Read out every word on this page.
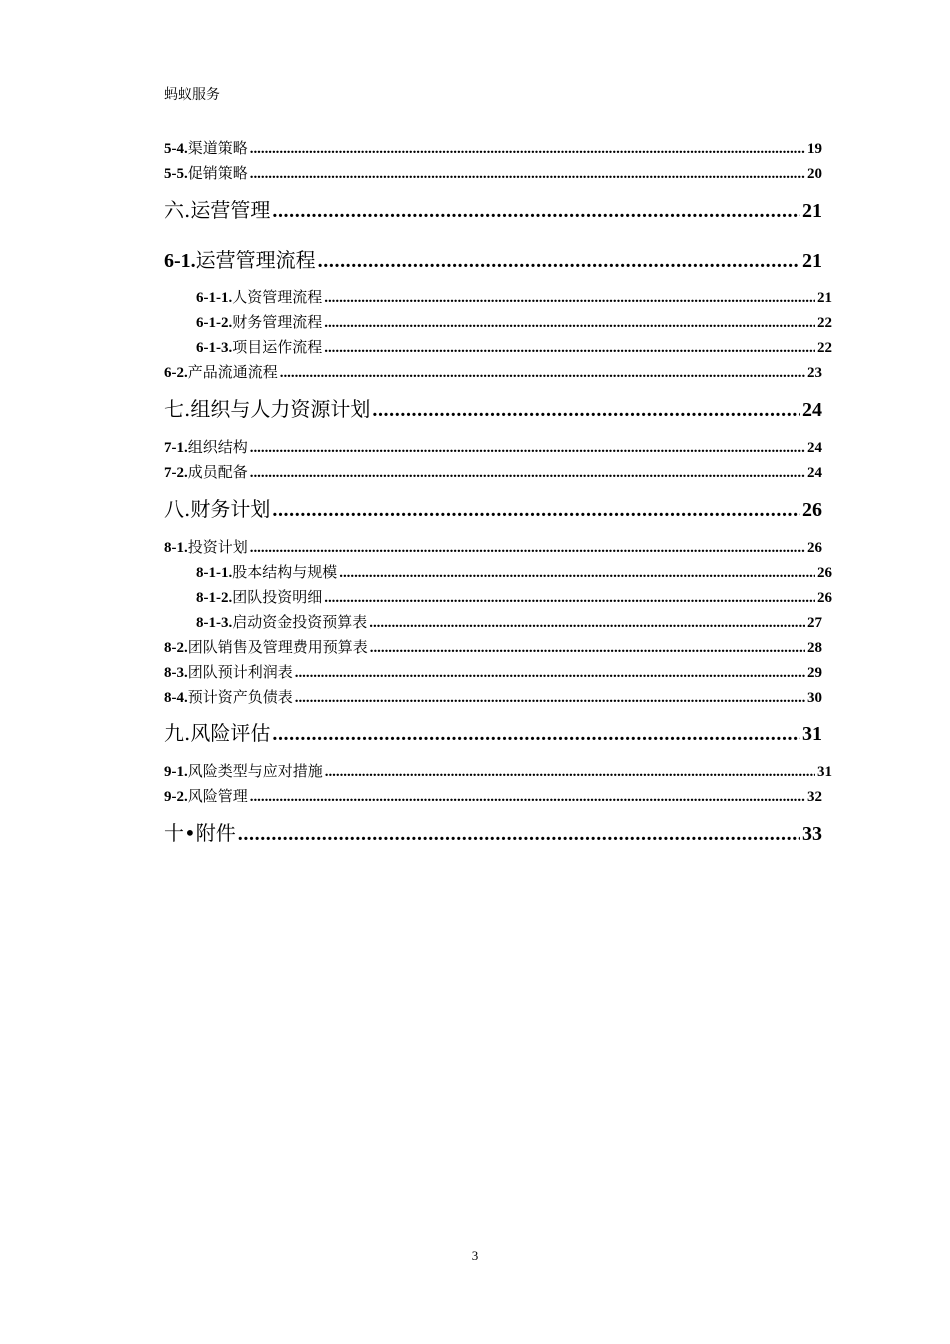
蚂蚁服务
5-4. 渠道策略 . . .	19
5-5. 促销策略 . . .	20
六.运营管理 . . .	21
6-1. 运营管理流程 . . .	21
6-1-1. 人资管理流程 . . .	21
6-1-2. 财务管理流程 . . .	22
6-1-3. 项目运作流程 . . .	22
6-2. 产品流通流程 . . .	23
七.组织与人力资源计划 . . .	24
7-1. 组织结构 . . .	24
7-2. 成员配备 . . .	24
八.财务计划 . . .	26
8-1. 投资计划 . . .	26
8-1-1. 股本结构与规模 . . .	26
8-1-2. 团队投资明细 . . .	26
8-1-3. 启动资金投资预算表 . . .	27
8-2. 团队销售及管理费用预算表 . . .	28
8-3. 团队预计利润表 . . .	29
8-4. 预计资产负债表 . . .	30
九.风险评估 . . .	31
9-1. 风险类型与应对措施 . . .	31
9-2. 风险管理 . . .	32
十•附件 . . .	33
3
